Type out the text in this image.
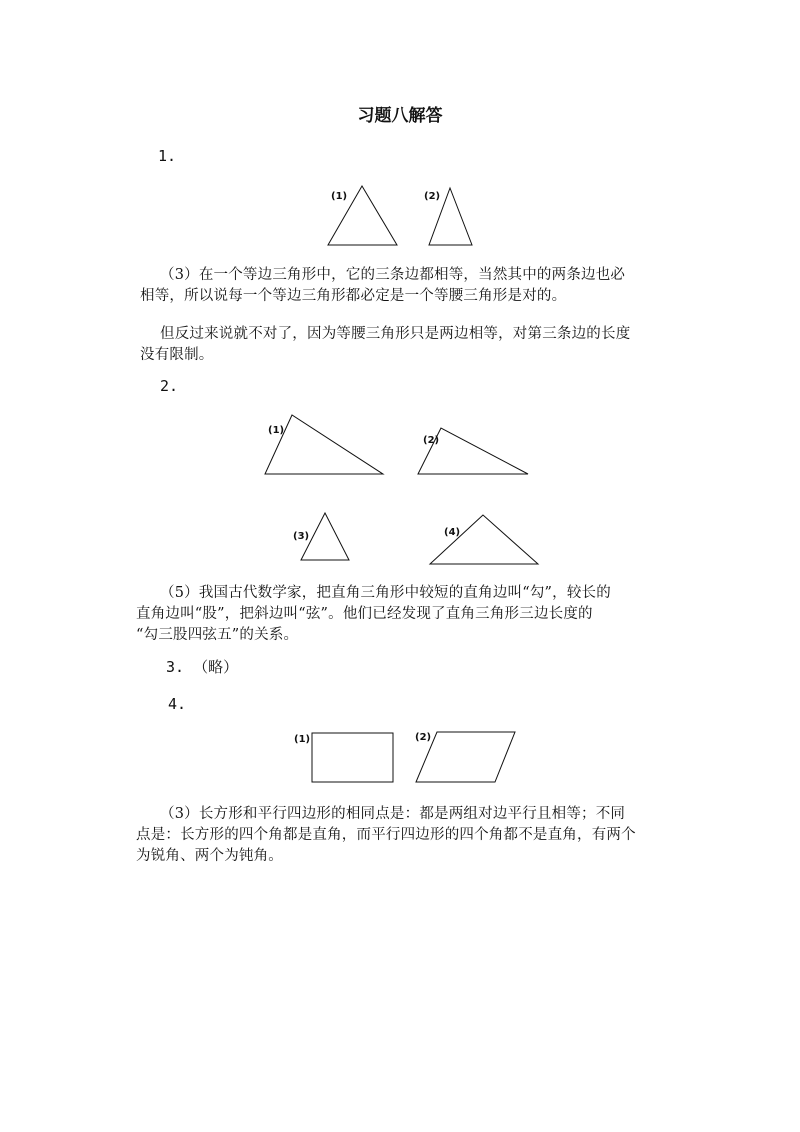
习题八解答
1.
(1)	(2)
(1)
(2)
(3)	(4)
(1)	(2)
（3）在一个等边三角形中，它的三条边都相等，当然其中的两条边也必
相等，所以说每一个等边三角形都必定是一个等腰三角形是对的。
但反过来说就不对了，因为等腰三角形只是两边相等，对第三条边的长度
没有限制。
2.
（5）我国古代数学家，把直角三角形中较短的直角边叫“勾”，较长的
直角边叫“股”，把斜边叫“弦”。他们已经发现了直角三角形三边长度的
“勾三股四弦五”的关系。
3. （略）
4.
（3）长方形和平行四边形的相同点是：都是两组对边平行且相等；不同
点是：长方形的四个角都是直角，而平行四边形的四个角都不是直角，有两个
为锐角、两个为钝角。
